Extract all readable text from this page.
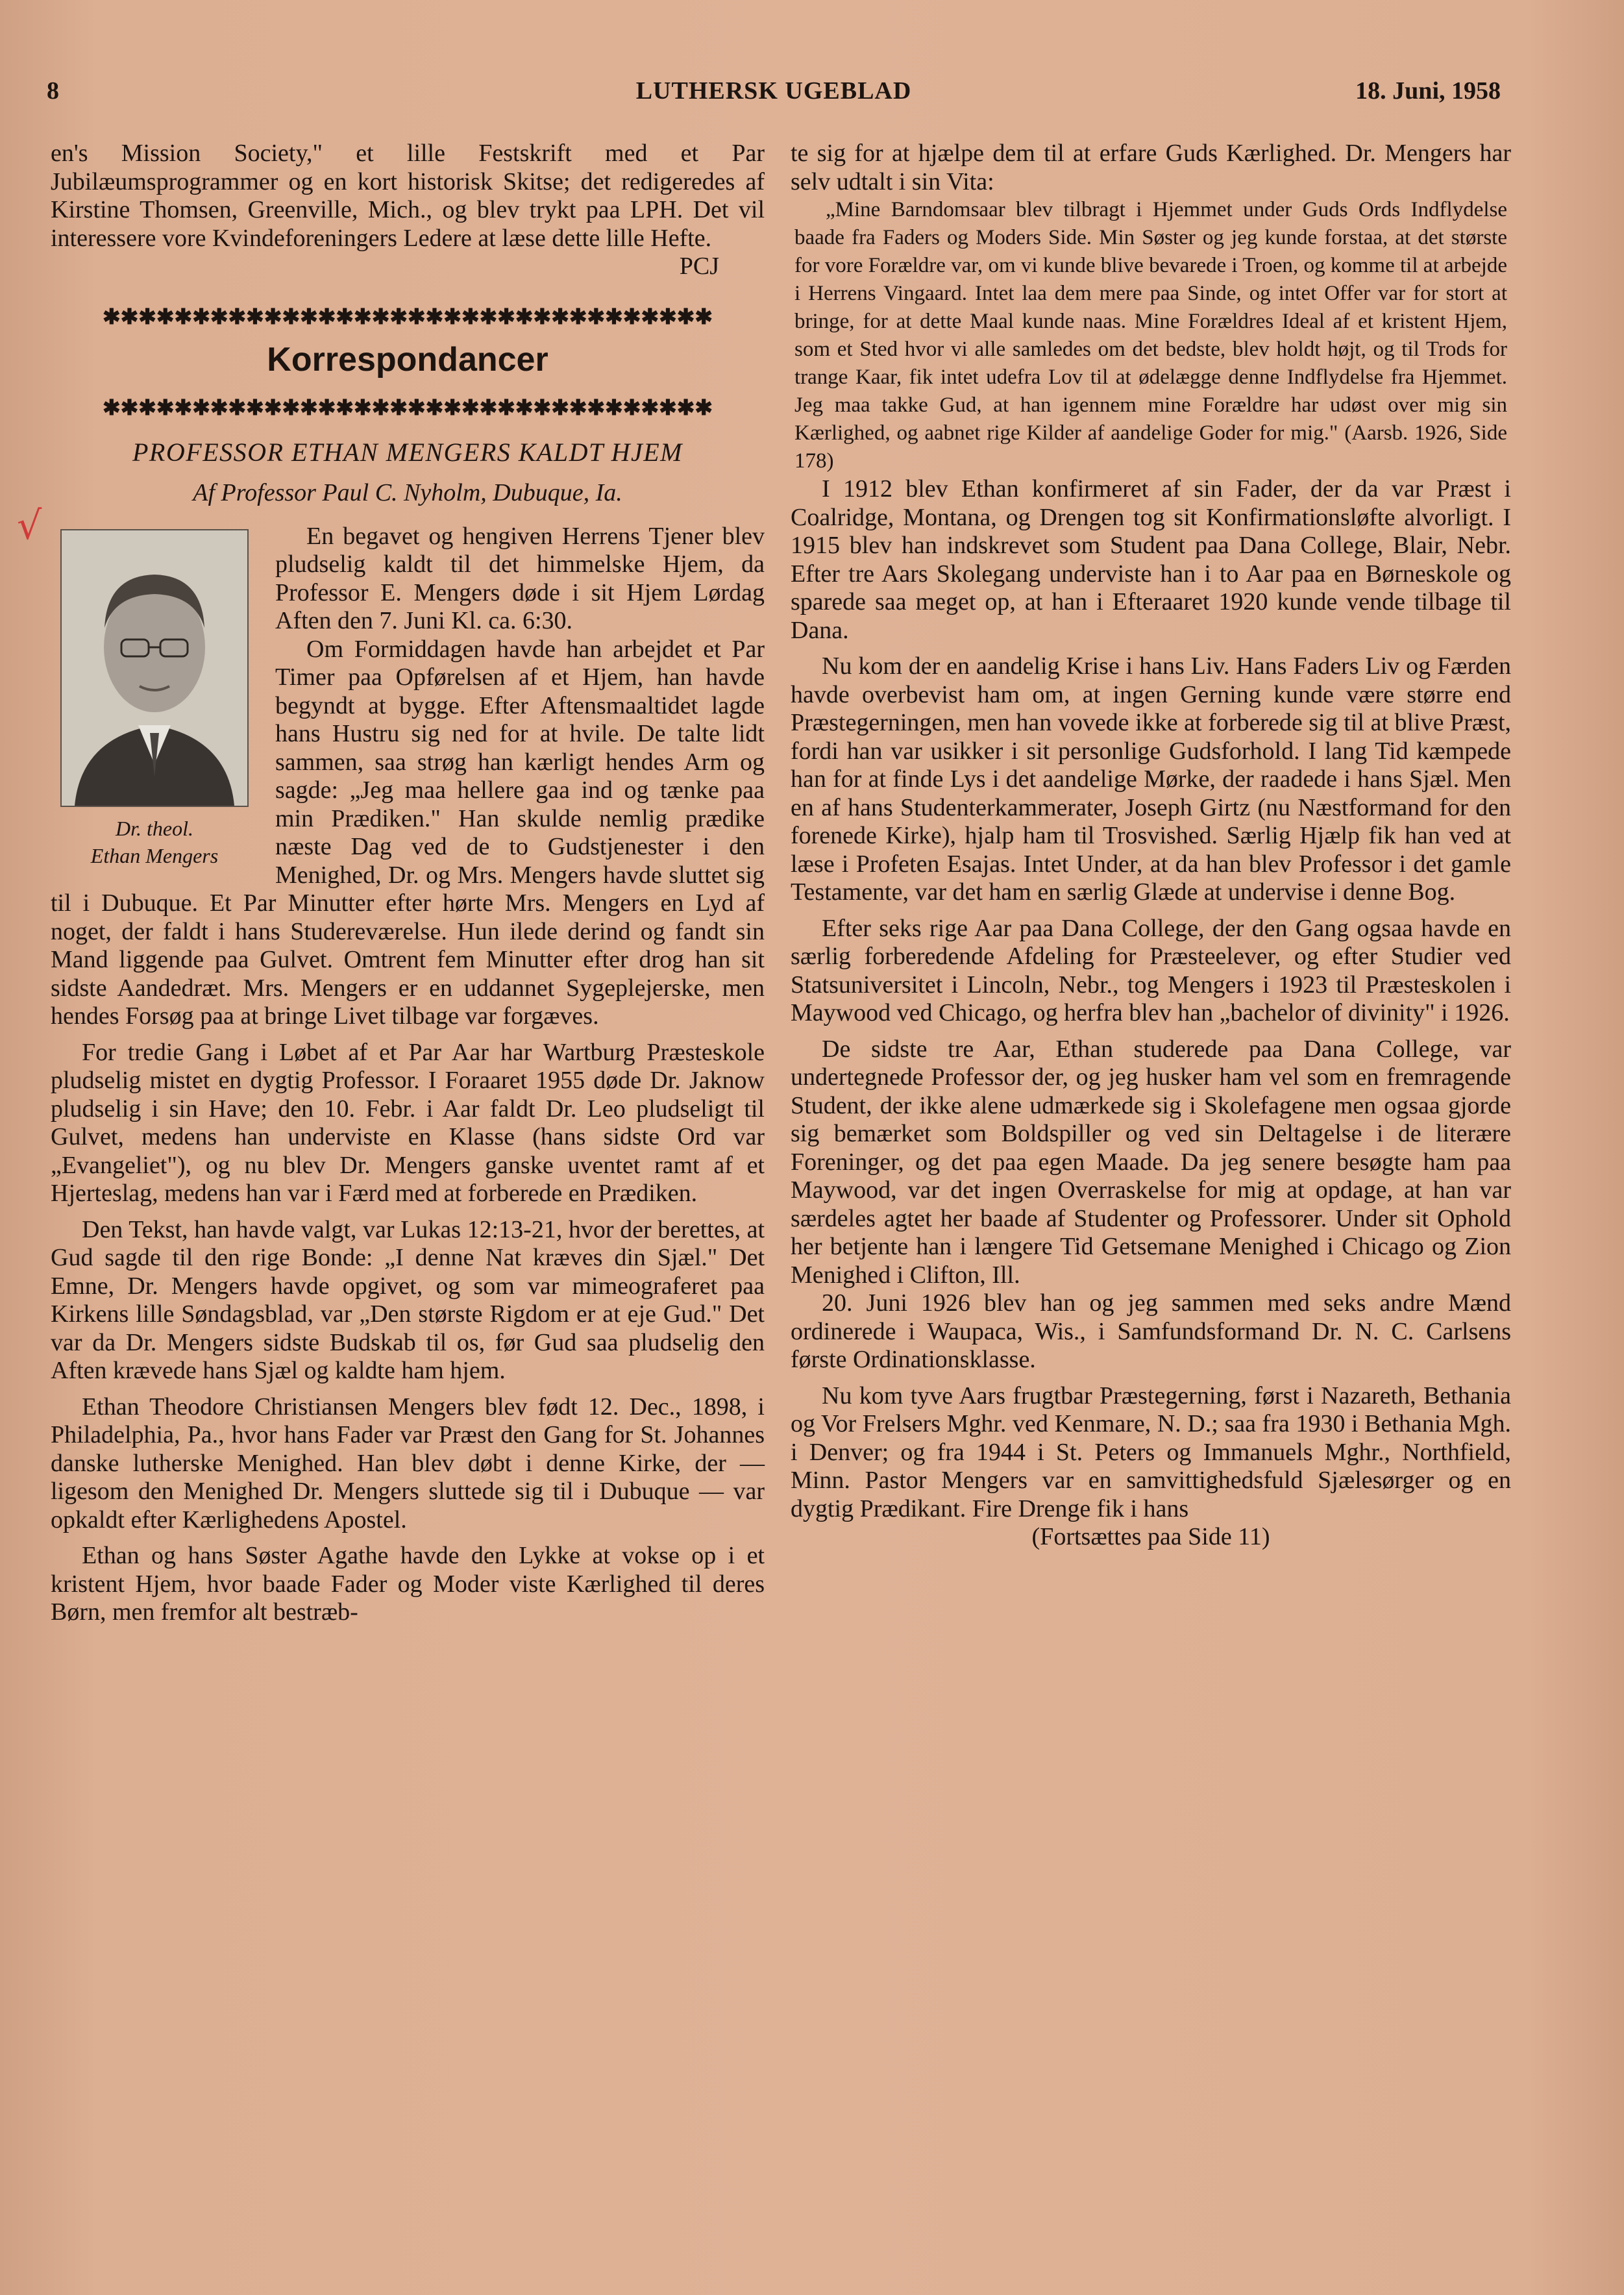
8	LUTHERSK UGEBLAD	18. Juni, 1958
√

en's Mission Society," et lille Festskrift med et Par Jubilæumsprogrammer og en kort historisk Skitse; det redigeredes af Kirstine Thomsen, Greenville, Mich., og blev trykt paa LPH. Det vil interessere vore Kvindeforeningers Ledere at læse dette lille Hefte.
PCJ

✱✱✱✱✱✱✱✱✱✱✱✱✱✱✱✱✱✱✱✱✱✱✱✱✱✱✱✱✱✱✱✱✱✱
Korrespondancer
✱✱✱✱✱✱✱✱✱✱✱✱✱✱✱✱✱✱✱✱✱✱✱✱✱✱✱✱✱✱✱✱✱✱
PROFESSOR ETHAN MENGERS KALDT HJEM
Af Professor Paul C. Nyholm, Dubuque, Ia.
Dr. theol.
Ethan Mengers

En begavet og hengiven Herrens Tjener blev pludselig kaldt til det himmelske Hjem, da Professor E. Mengers døde i sit Hjem Lørdag Aften den 7. Juni Kl. ca. 6:30.

Om Formiddagen havde han arbejdet et Par Timer paa Opførelsen af et Hjem, han havde begyndt at bygge. Efter Aftensmaaltidet lagde hans Hustru sig ned for at hvile. De talte lidt sammen, saa strøg han kærligt hendes Arm og sagde: „Jeg maa hellere gaa ind og tænke paa min Prædiken." Han skulde nemlig prædike næste Dag ved de to Gudstjenester i den Menighed, Dr. og Mrs. Mengers havde sluttet sig til i Dubuque. Et Par Minutter efter hørte Mrs. Mengers en Lyd af noget, der faldt i hans Studereværelse. Hun ilede derind og fandt sin Mand liggende paa Gulvet. Omtrent fem Minutter efter drog han sit sidste Aandedræt. Mrs. Mengers er en uddannet Sygeplejerske, men hendes Forsøg paa at bringe Livet tilbage var forgæves.

For tredie Gang i Løbet af et Par Aar har Wartburg Præsteskole pludselig mistet en dygtig Professor. I Foraaret 1955 døde Dr. Jaknow pludselig i sin Have; den 10. Febr. i Aar faldt Dr. Leo pludseligt til Gulvet, medens han underviste en Klasse (hans sidste Ord var „Evangeliet"), og nu blev Dr. Mengers ganske uventet ramt af et Hjerteslag, medens han var i Færd med at forberede en Prædiken.

Den Tekst, han havde valgt, var Lukas 12:13-21, hvor der berettes, at Gud sagde til den rige Bonde: „I denne Nat kræves din Sjæl." Det Emne, Dr. Mengers havde opgivet, og som var mimeograferet paa Kirkens lille Søndagsblad, var „Den største Rigdom er at eje Gud." Det var da Dr. Mengers sidste Budskab til os, før Gud saa pludselig den Aften krævede hans Sjæl og kaldte ham hjem.

Ethan Theodore Christiansen Mengers blev født 12. Dec., 1898, i Philadelphia, Pa., hvor hans Fader var Præst den Gang for St. Johannes danske lutherske Menighed. Han blev døbt i denne Kirke, der — ligesom den Menighed Dr. Mengers sluttede sig til i Dubuque — var opkaldt efter Kærlighedens Apostel.

Ethan og hans Søster Agathe havde den Lykke at vokse op i et kristent Hjem, hvor baade Fader og Moder viste Kærlighed til deres Børn, men fremfor alt bestræb-

te sig for at hjælpe dem til at erfare Guds Kærlighed. Dr. Mengers har selv udtalt i sin Vita:

„Mine Barndomsaar blev tilbragt i Hjemmet under Guds Ords Indflydelse baade fra Faders og Moders Side. Min Søster og jeg kunde forstaa, at det største for vore Forældre var, om vi kunde blive bevarede i Troen, og komme til at arbejde i Herrens Vingaard. Intet laa dem mere paa Sinde, og intet Offer var for stort at bringe, for at dette Maal kunde naas. Mine Forældres Ideal af et kristent Hjem, som et Sted hvor vi alle samledes om det bedste, blev holdt højt, og til Trods for trange Kaar, fik intet udefra Lov til at ødelægge denne Indflydelse fra Hjemmet. Jeg maa takke Gud, at han igennem mine Forældre har udøst over mig sin Kærlighed, og aabnet rige Kilder af aandelige Goder for mig." (Aarsb. 1926, Side 178)

I 1912 blev Ethan konfirmeret af sin Fader, der da var Præst i Coalridge, Montana, og Drengen tog sit Konfirmationsløfte alvorligt. I 1915 blev han indskrevet som Student paa Dana College, Blair, Nebr. Efter tre Aars Skolegang underviste han i to Aar paa en Børneskole og sparede saa meget op, at han i Efteraaret 1920 kunde vende tilbage til Dana.

Nu kom der en aandelig Krise i hans Liv. Hans Faders Liv og Færden havde overbevist ham om, at ingen Gerning kunde være større end Præstegerningen, men han vovede ikke at forberede sig til at blive Præst, fordi han var usikker i sit personlige Gudsforhold. I lang Tid kæmpede han for at finde Lys i det aandelige Mørke, der raadede i hans Sjæl. Men en af hans Studenterkammerater, Joseph Girtz (nu Næstformand for den forenede Kirke), hjalp ham til Trosvished. Særlig Hjælp fik han ved at læse i Profeten Esajas. Intet Under, at da han blev Professor i det gamle Testamente, var det ham en særlig Glæde at undervise i denne Bog.

Efter seks rige Aar paa Dana College, der den Gang ogsaa havde en særlig forberedende Afdeling for Præsteelever, og efter Studier ved Statsuniversitet i Lincoln, Nebr., tog Mengers i 1923 til Præsteskolen i Maywood ved Chicago, og herfra blev han „bachelor of divinity" i 1926.

De sidste tre Aar, Ethan studerede paa Dana College, var undertegnede Professor der, og jeg husker ham vel som en fremragende Student, der ikke alene udmærkede sig i Skolefagene men ogsaa gjorde sig bemærket som Boldspiller og ved sin Deltagelse i de literære Foreninger, og det paa egen Maade. Da jeg senere besøgte ham paa Maywood, var det ingen Overraskelse for mig at opdage, at han var særdeles agtet her baade af Studenter og Professorer. Under sit Ophold her betjente han i længere Tid Getsemane Menighed i Chicago og Zion Menighed i Clifton, Ill.

20. Juni 1926 blev han og jeg sammen med seks andre Mænd ordinerede i Waupaca, Wis., i Samfundsformand Dr. N. C. Carlsens første Ordinationsklasse.

Nu kom tyve Aars frugtbar Præstegerning, først i Nazareth, Bethania og Vor Frelsers Mghr. ved Kenmare, N. D.; saa fra 1930 i Bethania Mgh. i Denver; og fra 1944 i St. Peters og Immanuels Mghr., Northfield, Minn. Pastor Mengers var en samvittighedsfuld Sjælesørger og en dygtig Prædikant. Fire Drenge fik i hans

(Fortsættes paa Side 11)
